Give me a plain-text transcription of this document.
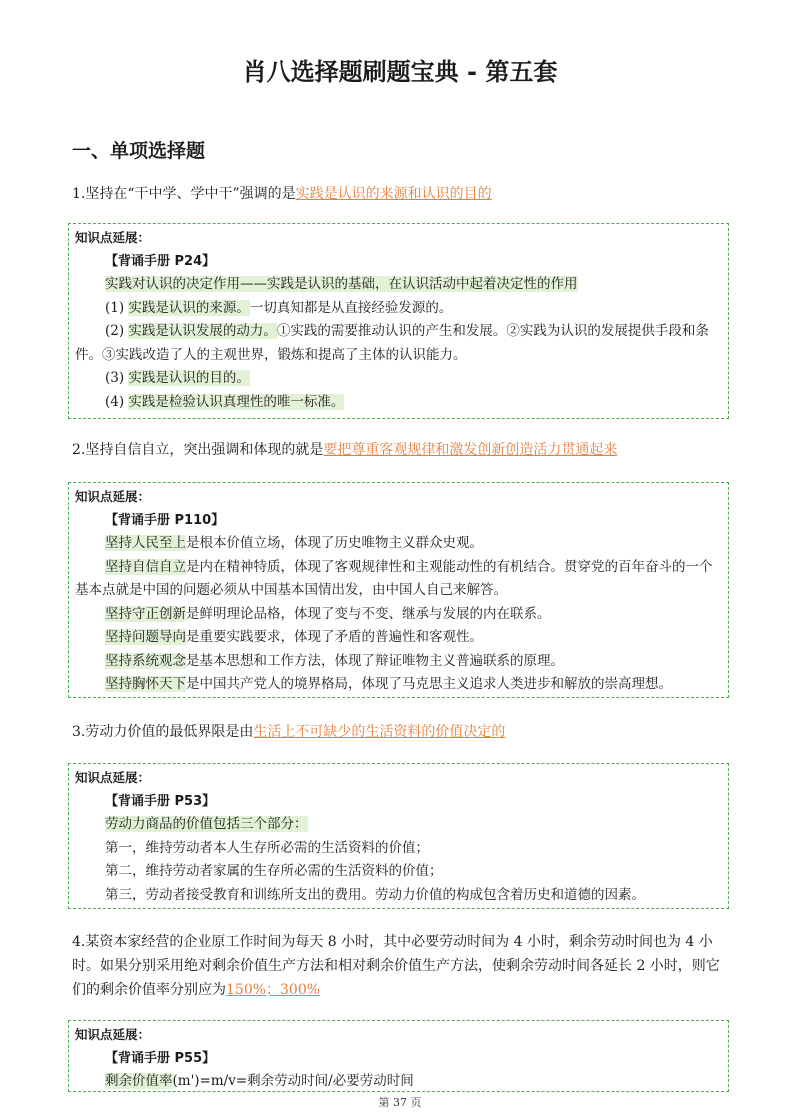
肖八选择题刷题宝典 - 第五套
一、单项选择题

1.坚持在“干中学、学中干”强调的是实践是认识的来源和认识的目的

知识点延展：
【背诵手册 P24】
实践对认识的决定作用——实践是认识的基础，在认识活动中起着决定性的作用
(1) 实践是认识的来源。一切真知都是从直接经验发源的。
(2) 实践是认识发展的动力。①实践的需要推动认识的产生和发展。②实践为认识的发展提供手段和条件。③实践改造了人的主观世界，锻炼和提高了主体的认识能力。
(3) 实践是认识的目的。
(4) 实践是检验认识真理性的唯一标准。

2.坚持自信自立，突出强调和体现的就是要把尊重客观规律和激发创新创造活力贯通起来

知识点延展：
【背诵手册 P110】
坚持人民至上是根本价值立场，体现了历史唯物主义群众史观。
坚持自信自立是内在精神特质，体现了客观规律性和主观能动性的有机结合。贯穿党的百年奋斗的一个基本点就是中国的问题必须从中国基本国情出发，由中国人自己来解答。
坚持守正创新是鲜明理论品格，体现了变与不变、继承与发展的内在联系。
坚持问题导向是重要实践要求，体现了矛盾的普遍性和客观性。
坚持系统观念是基本思想和工作方法，体现了辩证唯物主义普遍联系的原理。
坚持胸怀天下是中国共产党人的境界格局，体现了马克思主义追求人类进步和解放的崇高理想。

3.劳动力价值的最低界限是由生活上不可缺少的生活资料的价值决定的

知识点延展：
【背诵手册 P53】
劳动力商品的价值包括三个部分：
第一，维持劳动者本人生存所必需的生活资料的价值；
第二，维持劳动者家属的生存所必需的生活资料的价值；
第三，劳动者接受教育和训练所支出的费用。劳动力价值的构成包含着历史和道德的因素。

4.某资本家经营的企业原工作时间为每天 8 小时，其中必要劳动时间为 4 小时，剩余劳动时间也为 4 小时。如果分别采用绝对剩余价值生产方法和相对剩余价值生产方法，使剩余劳动时间各延长 2 小时，则它们的剩余价值率分别应为150%；300%

知识点延展：
【背诵手册 P55】
剩余价值率(m')=m/v=剩余劳动时间/必要劳动时间
第 37 页
